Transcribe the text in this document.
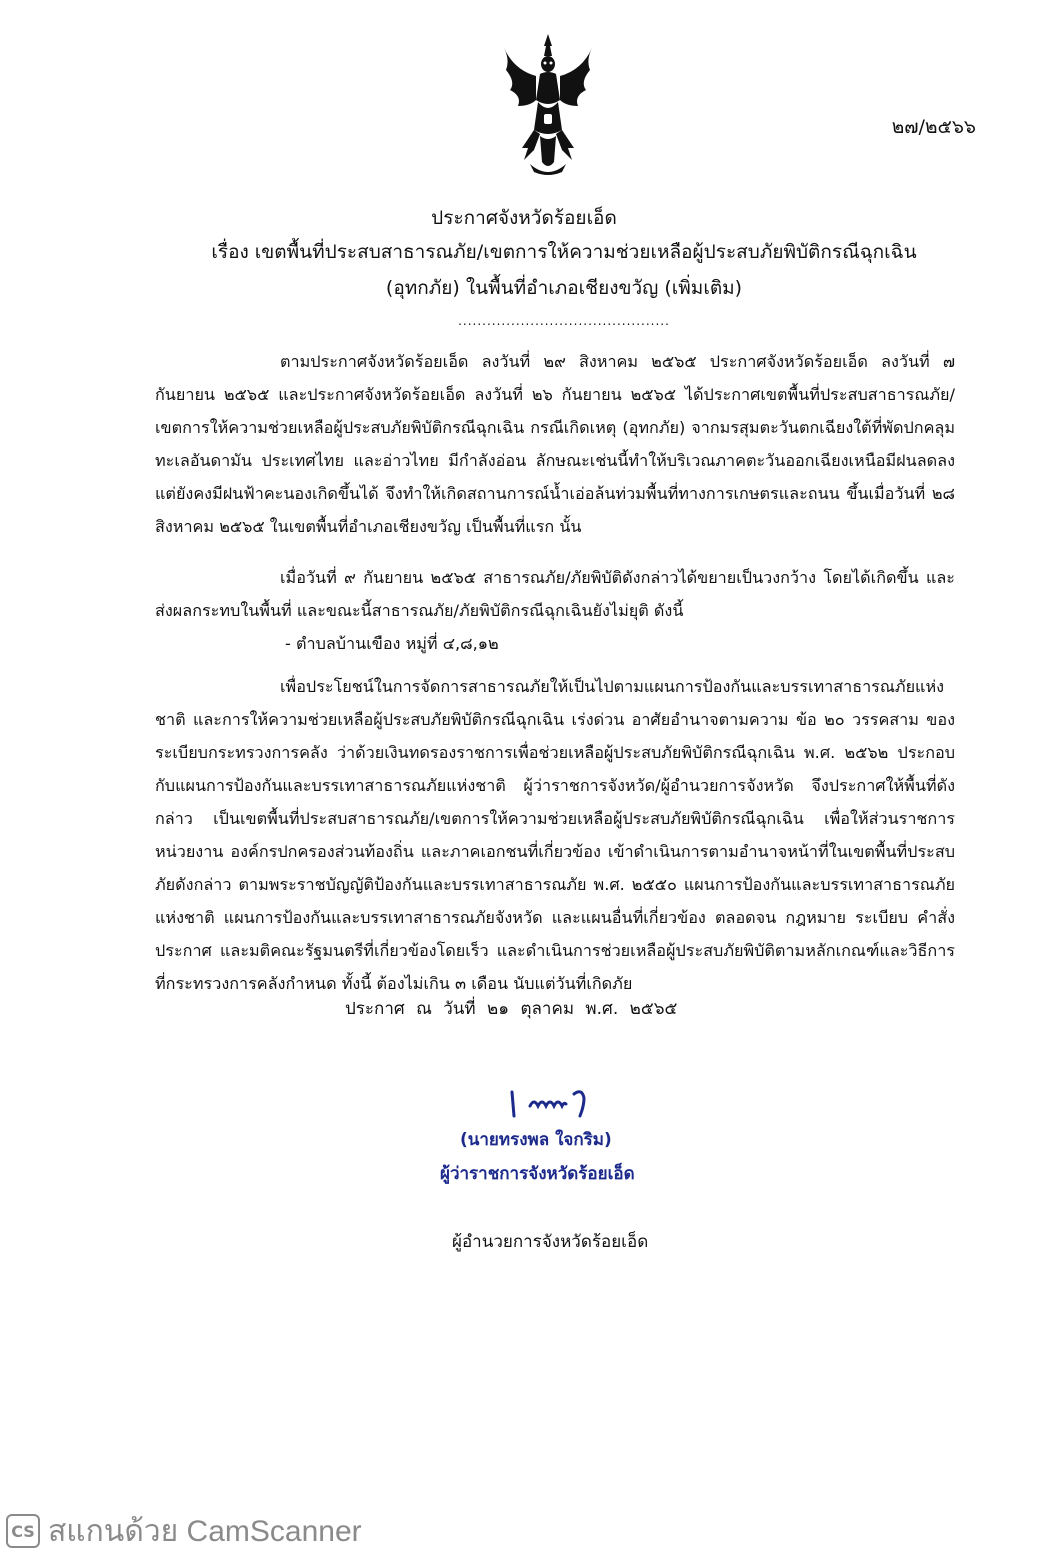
๒๗/๒๕๖๖
ประกาศจังหวัดร้อยเอ็ด
เรื่อง เขตพื้นที่ประสบสาธารณภัย/เขตการให้ความช่วยเหลือผู้ประสบภัยพิบัติกรณีฉุกเฉิน
(อุทกภัย) ในพื้นที่อำเภอเชียงขวัญ (เพิ่มเติม)
............................................

ตามประกาศจังหวัดร้อยเอ็ด ลงวันที่ ๒๙ สิงหาคม ๒๕๖๕ ประกาศจังหวัดร้อยเอ็ด ลงวันที่ ๗ กันยายน ๒๕๖๕ และประกาศจังหวัดร้อยเอ็ด ลงวันที่ ๒๖ กันยายน ๒๕๖๕ ได้ประกาศเขตพื้นที่ประสบสาธารณภัย/เขตการให้ความช่วยเหลือผู้ประสบภัยพิบัติกรณีฉุกเฉิน กรณีเกิดเหตุ (อุทกภัย) จากมรสุมตะวันตกเฉียงใต้ที่พัดปกคลุมทะเลอันดามัน ประเทศไทย และอ่าวไทย มีกำลังอ่อน ลักษณะเช่นนี้ทำให้บริเวณภาคตะวันออกเฉียงเหนือมีฝนลดลง แต่ยังคงมีฝนฟ้าคะนองเกิดขึ้นได้ จึงทำให้เกิดสถานการณ์น้ำเอ่อล้นท่วมพื้นที่ทางการเกษตรและถนน ขึ้นเมื่อวันที่ ๒๘ สิงหาคม ๒๕๖๕ ในเขตพื้นที่อำเภอเชียงขวัญ เป็นพื้นที่แรก นั้น

เมื่อวันที่ ๙ กันยายน ๒๕๖๕ สาธารณภัย/ภัยพิบัติดังกล่าวได้ขยายเป็นวงกว้าง โดยได้เกิดขึ้น และส่งผลกระทบในพื้นที่ และขณะนี้สาธารณภัย/ภัยพิบัติกรณีฉุกเฉินยังไม่ยุติ ดังนี้

- ตำบลบ้านเขือง หมู่ที่ ๔,๘,๑๒

เพื่อประโยชน์ในการจัดการสาธารณภัยให้เป็นไปตามแผนการป้องกันและบรรเทาสาธารณภัยแห่งชาติ และการให้ความช่วยเหลือผู้ประสบภัยพิบัติกรณีฉุกเฉิน เร่งด่วน อาศัยอำนาจตามความ ข้อ ๒๐ วรรคสาม ของระเบียบกระทรวงการคลัง ว่าด้วยเงินทดรองราชการเพื่อช่วยเหลือผู้ประสบภัยพิบัติกรณีฉุกเฉิน พ.ศ. ๒๕๖๒ ประกอบกับแผนการป้องกันและบรรเทาสาธารณภัยแห่งชาติ ผู้ว่าราชการจังหวัด/ผู้อำนวยการจังหวัด จึงประกาศให้พื้นที่ดังกล่าว เป็นเขตพื้นที่ประสบสาธารณภัย/เขตการให้ความช่วยเหลือผู้ประสบภัยพิบัติกรณีฉุกเฉิน เพื่อให้ส่วนราชการ หน่วยงาน องค์กรปกครองส่วนท้องถิ่น และภาคเอกชนที่เกี่ยวข้อง เข้าดำเนินการตามอำนาจหน้าที่ในเขตพื้นที่ประสบภัยดังกล่าว ตามพระราชบัญญัติป้องกันและบรรเทาสาธารณภัย พ.ศ. ๒๕๕๐ แผนการป้องกันและบรรเทาสาธารณภัยแห่งชาติ แผนการป้องกันและบรรเทาสาธารณภัยจังหวัด และแผนอื่นที่เกี่ยวข้อง ตลอดจน กฎหมาย ระเบียบ คำสั่ง ประกาศ และมติคณะรัฐมนตรีที่เกี่ยวข้องโดยเร็ว และดำเนินการช่วยเหลือผู้ประสบภัยพิบัติตามหลักเกณฑ์และวิธีการที่กระทรวงการคลังกำหนด ทั้งนี้ ต้องไม่เกิน ๓ เดือน นับแต่วันที่เกิดภัย

ประกาศ ณ วันที่ ๒๑ ตุลาคม พ.ศ. ๒๕๖๕
(นายทรงพล ใจกริม)
ผู้ว่าราชการจังหวัดร้อยเอ็ด
ผู้อำนวยการจังหวัดร้อยเอ็ด
CS สแกนด้วย CamScanner
